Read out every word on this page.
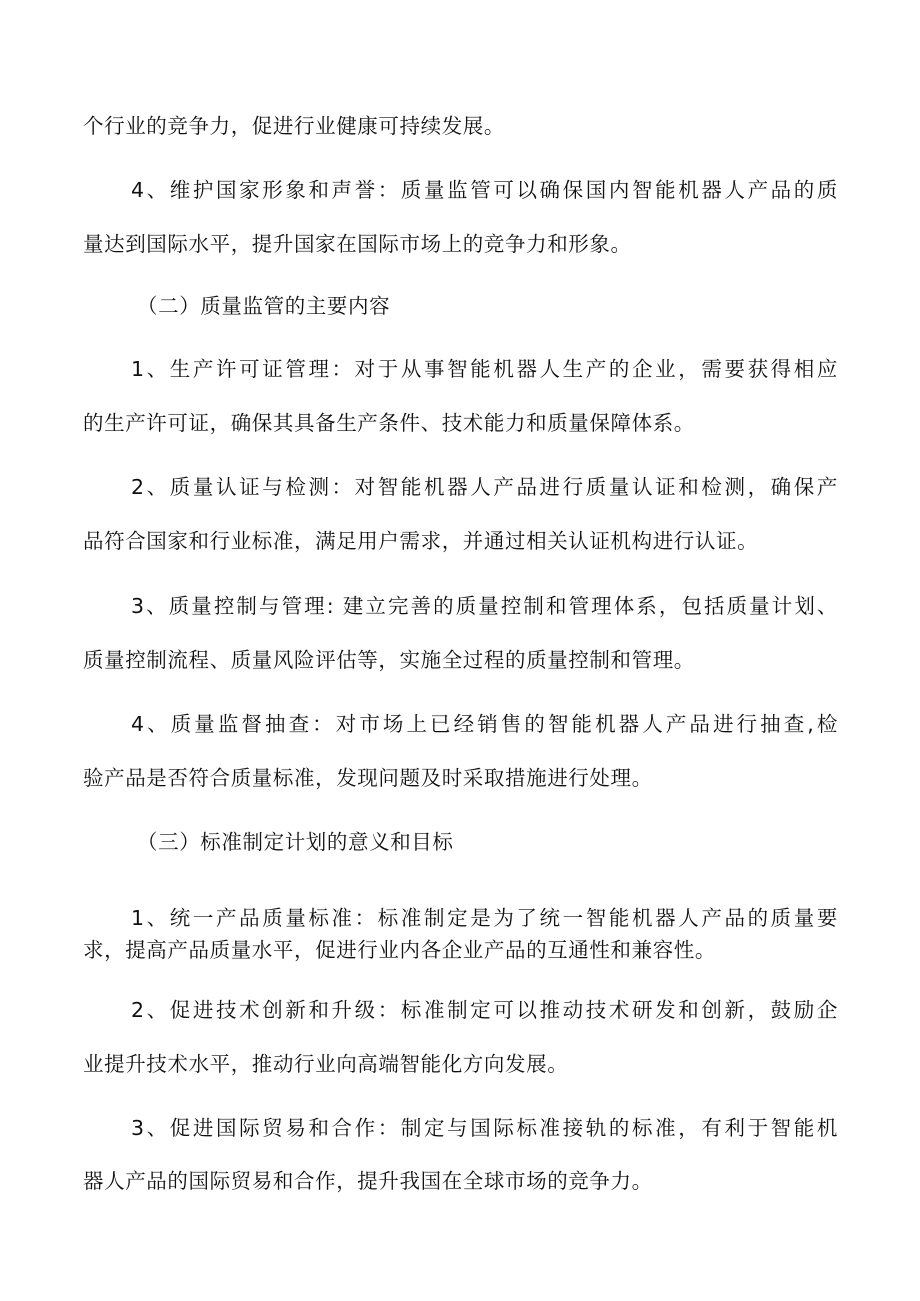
个行业的竞争力，促进行业健康可持续发展。
4、维护国家形象和声誉：质量监管可以确保国内智能机器人产品的质
量达到国际水平，提升国家在国际市场上的竞争力和形象。
（二）质量监管的主要内容
1、生产许可证管理：对于从事智能机器人生产的企业，需要获得相应
的生产许可证，确保其具备生产条件、技术能力和质量保障体系。
2、质量认证与检测：对智能机器人产品进行质量认证和检测，确保产
品符合国家和行业标准，满足用户需求，并通过相关认证机构进行认证。
3、质量控制与管理: 建立完善的质量控制和管理体系，包括质量计划、
质量控制流程、质量风险评估等，实施全过程的质量控制和管理。
4、质量监督抽查：对市场上已经销售的智能机器人产品进行抽查,检
验产品是否符合质量标准，发现问题及时采取措施进行处理。
（三）标准制定计划的意义和目标
1、统一产品质量标准：标准制定是为了统一智能机器人产品的质量要
求，提高产品质量水平，促进行业内各企业产品的互通性和兼容性。
2、促进技术创新和升级：标准制定可以推动技术研发和创新，鼓励企
业提升技术水平，推动行业向高端智能化方向发展。
3、促进国际贸易和合作：制定与国际标准接轨的标准，有利于智能机
器人产品的国际贸易和合作，提升我国在全球市场的竞争力。
